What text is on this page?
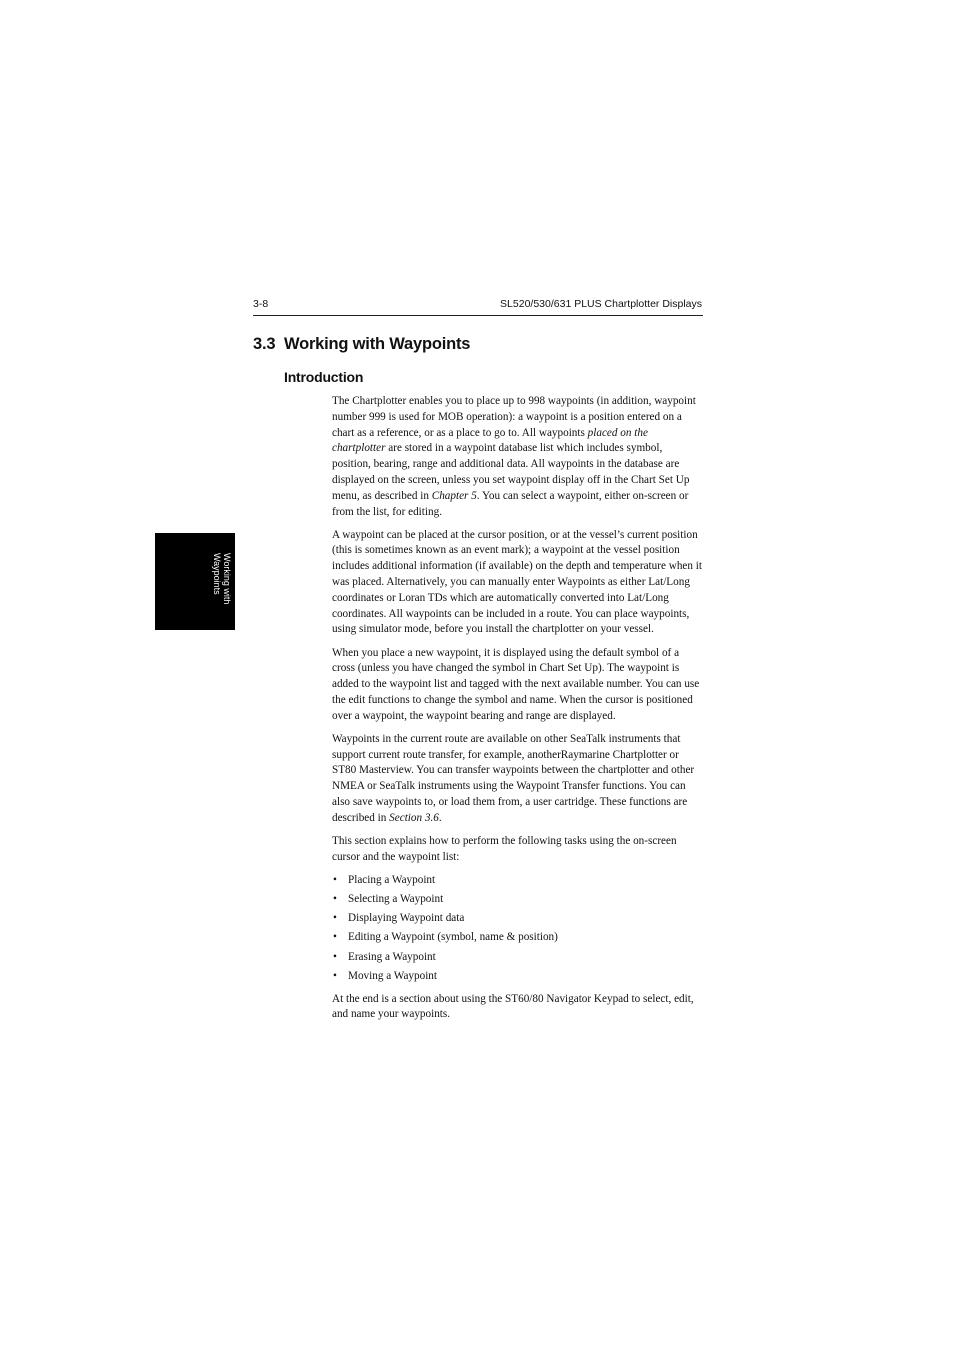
3-8	SL520/530/631 PLUS Chartplotter Displays
3.3 Working with Waypoints
Introduction
Working with
Waypoints

The Chartplotter enables you to place up to 998 waypoints (in addition, waypoint number 999 is used for MOB operation): a waypoint is a position entered on a chart as a reference, or as a place to go to. All waypoints placed on the chartplotter are stored in a waypoint database list which includes symbol, position, bearing, range and additional data. All waypoints in the database are displayed on the screen, unless you set waypoint display off in the Chart Set Up menu, as described in Chapter 5. You can select a waypoint, either on-screen or from the list, for editing.

A waypoint can be placed at the cursor position, or at the vessel’s current position (this is sometimes known as an event mark); a waypoint at the vessel position includes additional information (if available) on the depth and temperature when it was placed. Alternatively, you can manually enter Waypoints as either Lat/Long coordinates or Loran TDs which are automatically converted into Lat/Long coordinates. All waypoints can be included in a route. You can place waypoints, using simulator mode, before you install the chartplotter on your vessel.

When you place a new waypoint, it is displayed using the default symbol of a cross (unless you have changed the symbol in Chart Set Up). The waypoint is added to the waypoint list and tagged with the next available number. You can use the edit functions to change the symbol and name. When the cursor is positioned over a waypoint, the waypoint bearing and range are displayed.

Waypoints in the current route are available on other SeaTalk instruments that support current route transfer, for example, anotherRaymarine Chartplotter or ST80 Masterview. You can transfer waypoints between the chartplotter and other NMEA or SeaTalk instruments using the Waypoint Transfer functions. You can also save waypoints to, or load them from, a user cartridge. These functions are described in Section 3.6.

This section explains how to perform the following tasks using the on-screen cursor and the waypoint list:

• Placing a Waypoint
• Selecting a Waypoint
• Displaying Waypoint data
• Editing a Waypoint (symbol, name & position)
• Erasing a Waypoint
• Moving a Waypoint

At the end is a section about using the ST60/80 Navigator Keypad to select, edit, and name your waypoints.
